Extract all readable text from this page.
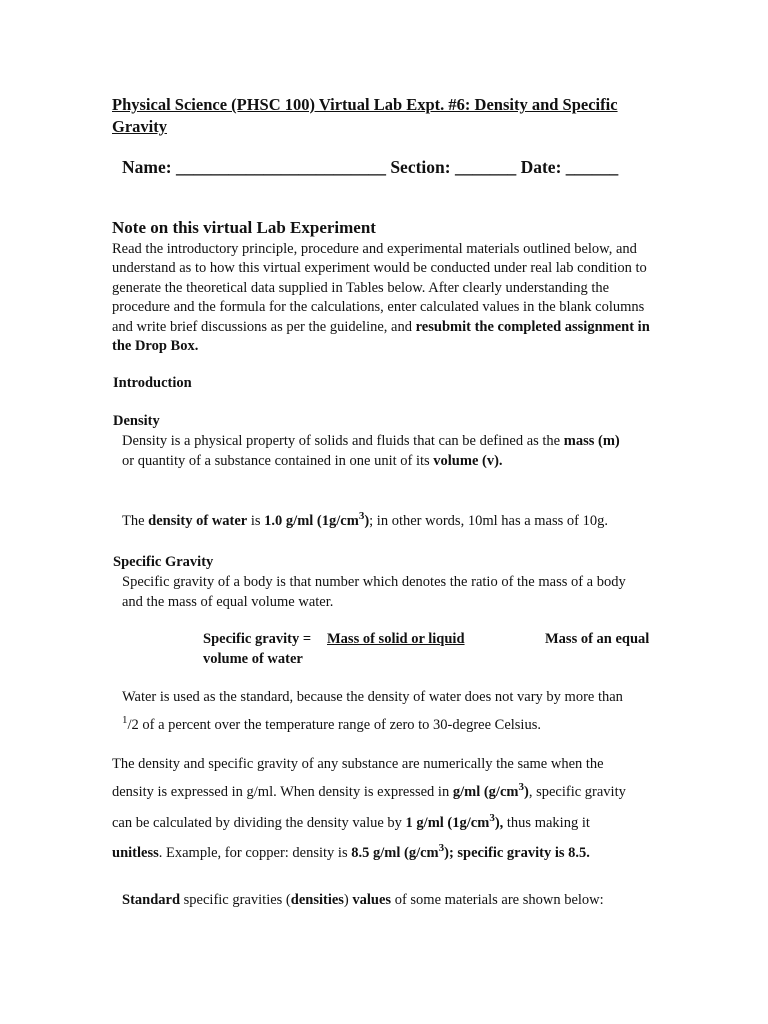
Physical Science (PHSC 100) Virtual Lab Expt. #6: Density and Specific Gravity
Name: ________________________ Section: _______ Date: ______
Note on this virtual Lab Experiment
Read the introductory principle, procedure and experimental materials outlined below, and understand as to how this virtual experiment would be conducted under real lab condition to generate the theoretical data supplied in Tables below. After clearly understanding the procedure and the formula for the calculations, enter calculated values in the blank columns and write brief discussions as per the guideline, and resubmit the completed assignment in the Drop Box.
Introduction
Density
Density is a physical property of solids and fluids that can be defined as the mass (m)
or quantity of a substance contained in one unit of its volume (v).
The density of water is 1.0 g/ml $(1g/cm^3)$; in other words, 10ml has a mass of 10g.
Specific Gravity
Specific gravity of a body is that number which denotes the ratio of the mass of a body
and the mass of equal volume water.
Specific gravity = Mass of solid or liquid	Mass of an equal
volume of water
Water is used as the standard, because the density of water does not vary by more than
$^1$/2 of a percent over the temperature range of zero to 30-degree Celsius.
The density and specific gravity of any substance are numerically the same when the
density is expressed in g/ml. When density is expressed in g/ml $(g/cm^3)$, specific gravity
can be calculated by dividing the density value by 1 g/ml $(1g/cm^3)$, thus making it
unitless. Example, for copper: density is 8.5 g/ml $(g/cm^3)$; specific gravity is 8.5.
Standard specific gravities (densities) values of some materials are shown below:
